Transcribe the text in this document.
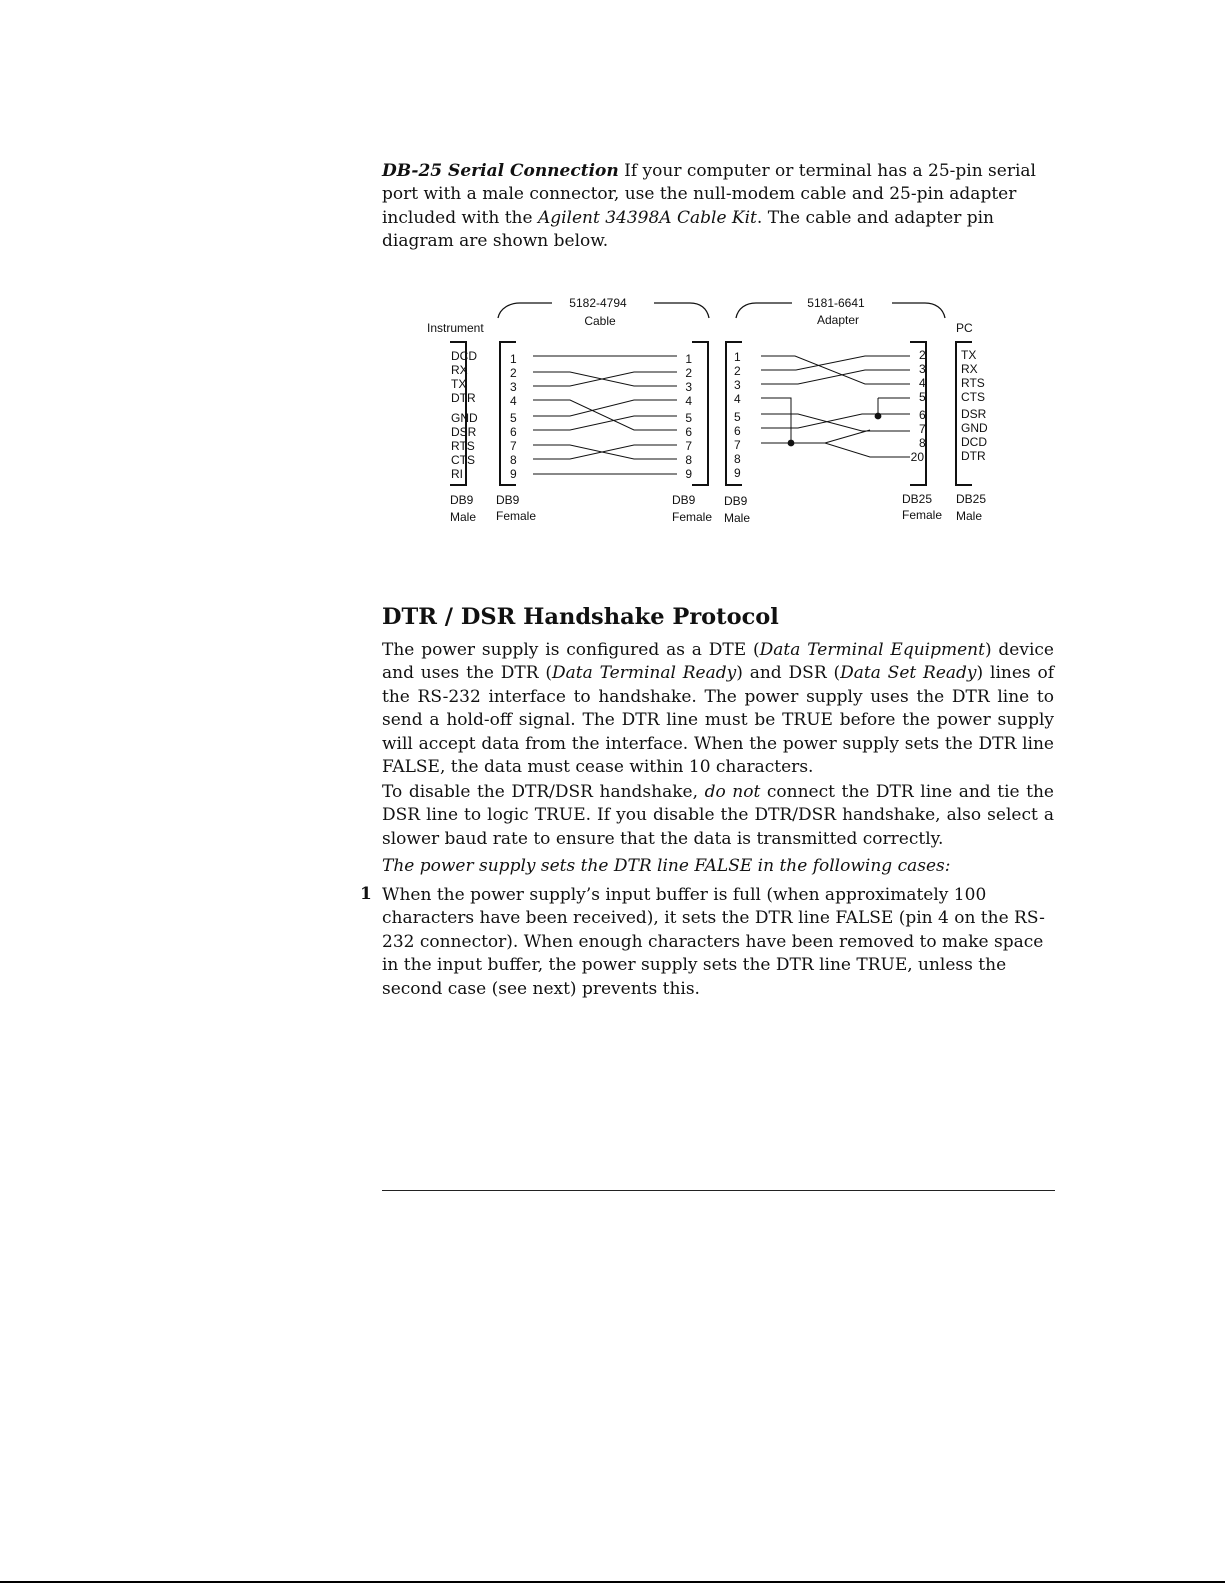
DB-25 Serial Connection If your computer or terminal has a 25-pin serial port with a male connector, use the null-modem cable and 25-pin adapter included with the Agilent 34398A Cable Kit. The cable and adapter pin diagram are shown below.
Instrument
5182-4794
Cable
5181-6641
Adapter
PC
DCD
RX
TX
DTR
GND
DSR
RTS
CTS
RI
1
2
3
4
5
6
7
8
9
1
2
3
4
5
6
7
8
9
1
2
3
4
5
6
7
8
9
2
3
4
5
6
7
8
20
TX
RX
RTS
CTS
DSR
GND
DCD
DTR
DB9
Male
DB9
Female
DB9
Female
DB9
Male
DB25
Female
DB25
Male
DTR / DSR Handshake Protocol
The power supply is configured as a DTE (Data Terminal Equipment) device and uses the DTR (Data Terminal Ready) and DSR (Data Set Ready) lines of the RS-232 interface to handshake. The power supply uses the DTR line to send a hold-off signal. The DTR line must be TRUE before the power supply will accept data from the interface. When the power supply sets the DTR line FALSE, the data must cease within 10 characters.
To disable the DTR/DSR handshake, do not connect the DTR line and tie the DSR line to logic TRUE. If you disable the DTR/DSR handshake, also select a slower baud rate to ensure that the data is transmitted correctly.
The power supply sets the DTR line FALSE in the following cases:
1 When the power supply’s input buffer is full (when approximately 100 characters have been received), it sets the DTR line FALSE (pin 4 on the RS-232 connector). When enough characters have been removed to make space in the input buffer, the power supply sets the DTR line TRUE, unless the second case (see next) prevents this.
